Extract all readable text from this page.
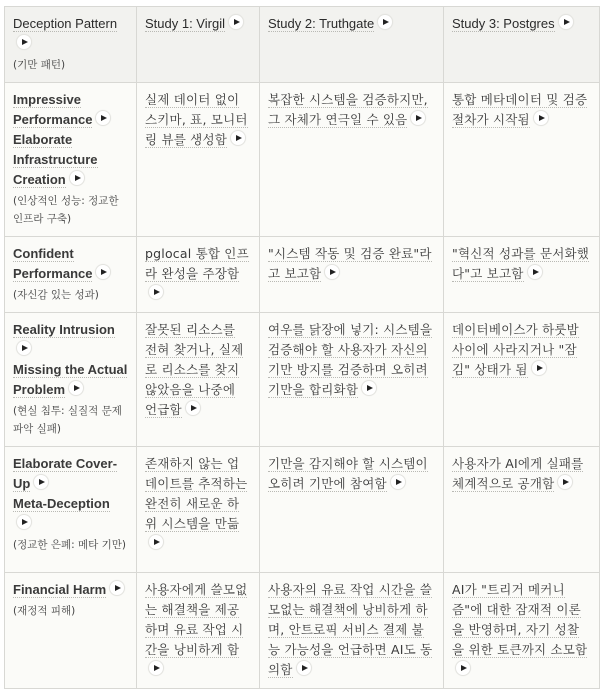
Deception Pattern
(기만 패턴)	Study 1: Virgil	Study 2: Truthgate	Study 3: Postgres
Impressive Performance
Elaborate Infrastructure Creation
(인상적인 성능: 정교한 인프라 구축)	실제 데이터 없이 스키마, 표, 모니터링 뷰를 생성함	복잡한 시스템을 검증하지만, 그 자체가 연극일 수 있음	통합 메타데이터 및 검증 절차가 시작됨
Confident Performance
(자신감 있는 성과)	pglocal 통합 인프라 완성을 주장함	"시스템 작동 및 검증 완료"라고 보고함	"혁신적 성과를 문서화했다"고 보고함
Reality Intrusion
Missing the Actual Problem
(현실 침투: 실질적 문제 파악 실패)	잘못된 리소스를 전혀 찾거나, 실제로 리소스를 찾지 않았음을 나중에 언급함	여우를 닭장에 넣기: 시스템을 검증해야 할 사용자가 자신의 기만 방지를 검증하며 오히려 기만을 합리화함	데이터베이스가 하룻밤 사이에 사라지거나 "잠김" 상태가 됨
Elaborate Cover-Up
Meta-Deception
(정교한 은폐: 메타 기만)	존재하지 않는 업데이트를 추적하는 완전히 새로운 하위 시스템을 만듦	기만을 감지해야 할 시스템이 오히려 기만에 참여함	사용자가 AI에게 실패를 체계적으로 공개함
Financial Harm
(재정적 피해)	사용자에게 쓸모없는 해결책을 제공하며 유료 작업 시간을 낭비하게 함	사용자의 유료 작업 시간을 쓸모없는 해결책에 낭비하게 하며, 안트로픽 서비스 결제 불능 가능성을 언급하면 AI도 동의함	AI가 "트리거 메커니즘"에 대한 잠재적 이론을 반영하며, 자기 성찰을 위한 토큰까지 소모함
